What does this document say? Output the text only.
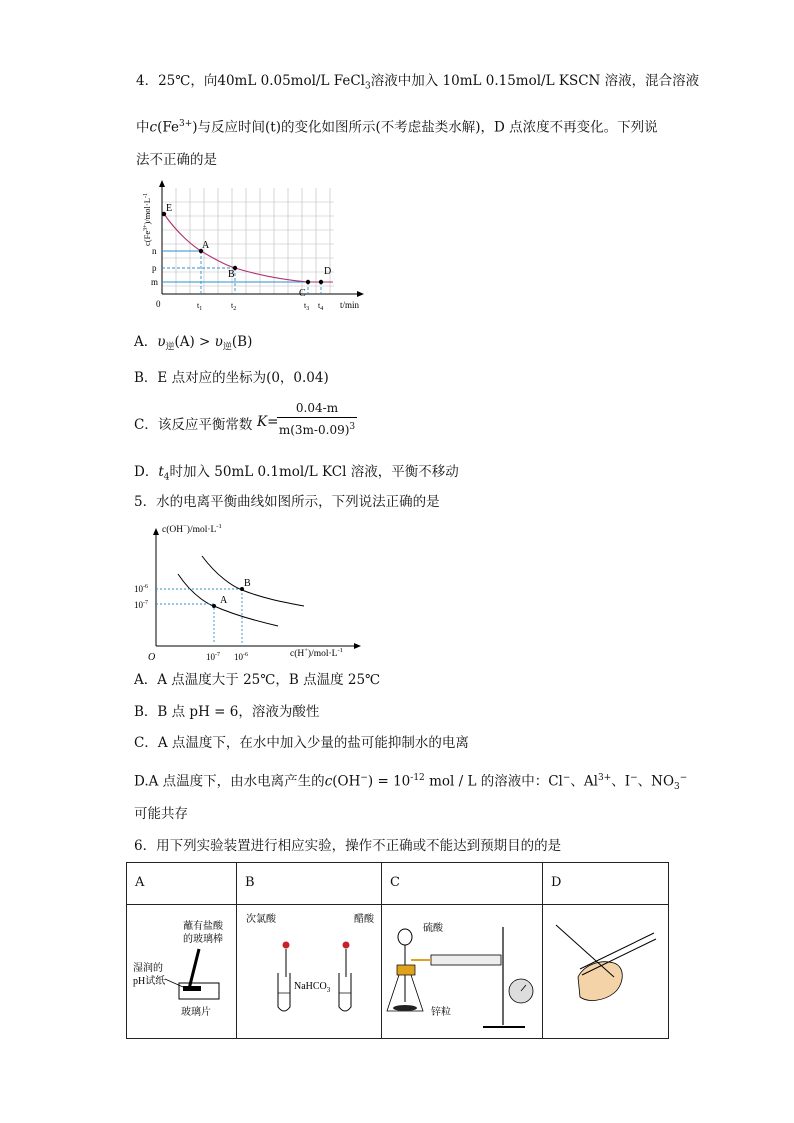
4．25℃，向40mL 0.05mol/L FeCl$_3$溶液中加入 10mL 0.15mol/L KSCN 溶液，混合溶液
中$c(Fe^{3+})$与反应时间(t)的变化如图所示(不考虑盐类水解)，D 点浓度不再变化。下列说
法不正确的是
E
A
B
C
D
n
p
m
0	$t_1$	$t_2$	$t_3$ $t_4$ t/min
$c(Fe^{3+})/mol\cdot L^{-1}$
A．$\upsilon_逆(A) > \upsilon_逆(B)$
B．E 点对应的坐标为(0，0.04)
C．该反应平衡常数 K=
0.04-m
$m(3m-0.09)^3$
D．$t_4$时加入 50mL 0.1mol/L KCl 溶液，平衡不移动
5．水的电离平衡曲线如图所示，下列说法正确的是
B
A
$10^{-6}$
$10^{-7}$
$10^{-7}$ $10^{-6}$
O
$c(OH^-)/mol\cdot L^{-1}$
$c(H^+)/mol\cdot L^{-1}$
A．A 点温度大于 25℃，B 点温度 25℃
B．B 点 pH = 6，溶液为酸性
C．A 点温度下，在水中加入少量的盐可能抑制水的电离
D.A 点温度下，由水电离产生的$c(OH^-) = 10^{-12}$ mol / L 的溶液中：Cl−、$Al^{3+}$、I−、$NO_3^-$
可能共存
6．用下列实验装置进行相应实验，操作不正确或不能达到预期目的的是
A	B	C	D
蘸有盐酸
的玻璃棒
湿润的
pH试纸
玻璃片
次氯酸	醋酸
NaHCO$_3$
硫酸
锌粒
